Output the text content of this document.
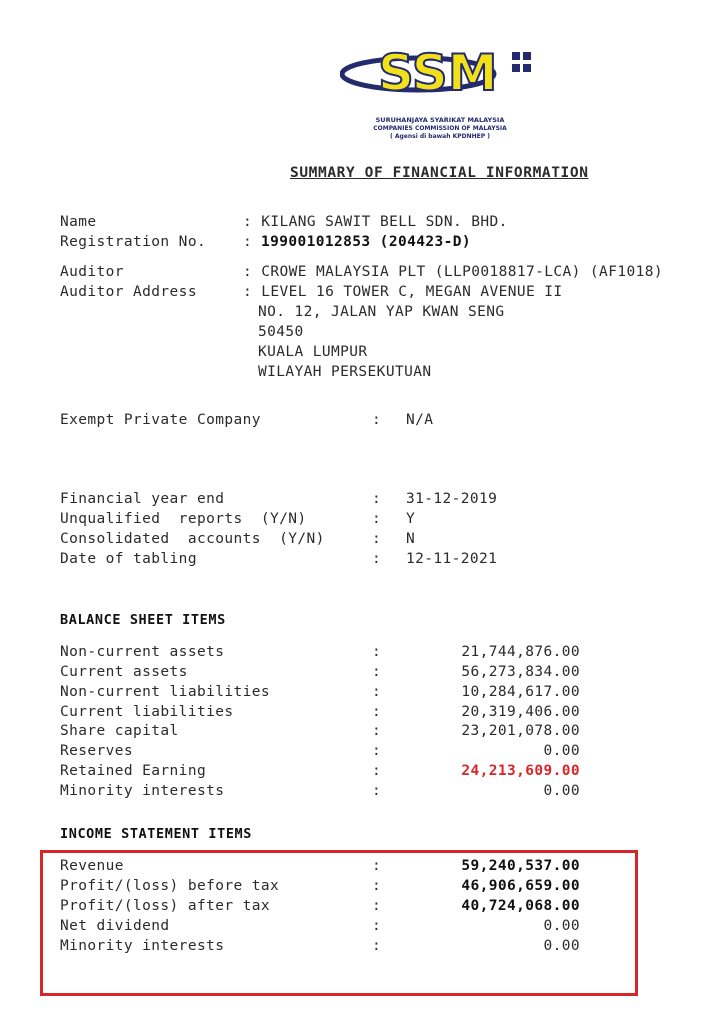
SSM
SURUHANJAYA SYARIKAT MALAYSIA
COMPANIES COMMISSION OF MALAYSIA
( Agensi di bawah KPDNHEP )
SUMMARY OF FINANCIAL INFORMATION
Name	: KILANG SAWIT BELL SDN. BHD.
Registration No.	: 199001012853 (204423-D)
Auditor	: CROWE MALAYSIA PLT (LLP0018817-LCA) (AF1018)
Auditor Address	: LEVEL 16 TOWER C, MEGAN AVENUE II
NO. 12, JALAN YAP KWAN SENG
50450
KUALA LUMPUR
WILAYAH PERSEKUTUAN
Exempt Private Company	: N/A
Financial year end	: 31-12-2019
Unqualified  reports  (Y/N)	: Y
Consolidated  accounts  (Y/N)	: N
Date of tabling	: 12-11-2021
BALANCE SHEET ITEMS
Non-current assets	:	21,744,876.00
Current assets	:	56,273,834.00
Non-current liabilities	:	10,284,617.00
Current liabilities	:	20,319,406.00
Share capital	:	23,201,078.00
Reserves	:	0.00
Retained Earning	:	24,213,609.00
Minority interests	:	0.00
INCOME STATEMENT ITEMS
Revenue	:	59,240,537.00
Profit/(loss) before tax	:	46,906,659.00
Profit/(loss) after tax	:	40,724,068.00
Net dividend	:	0.00
Minority interests	:	0.00
